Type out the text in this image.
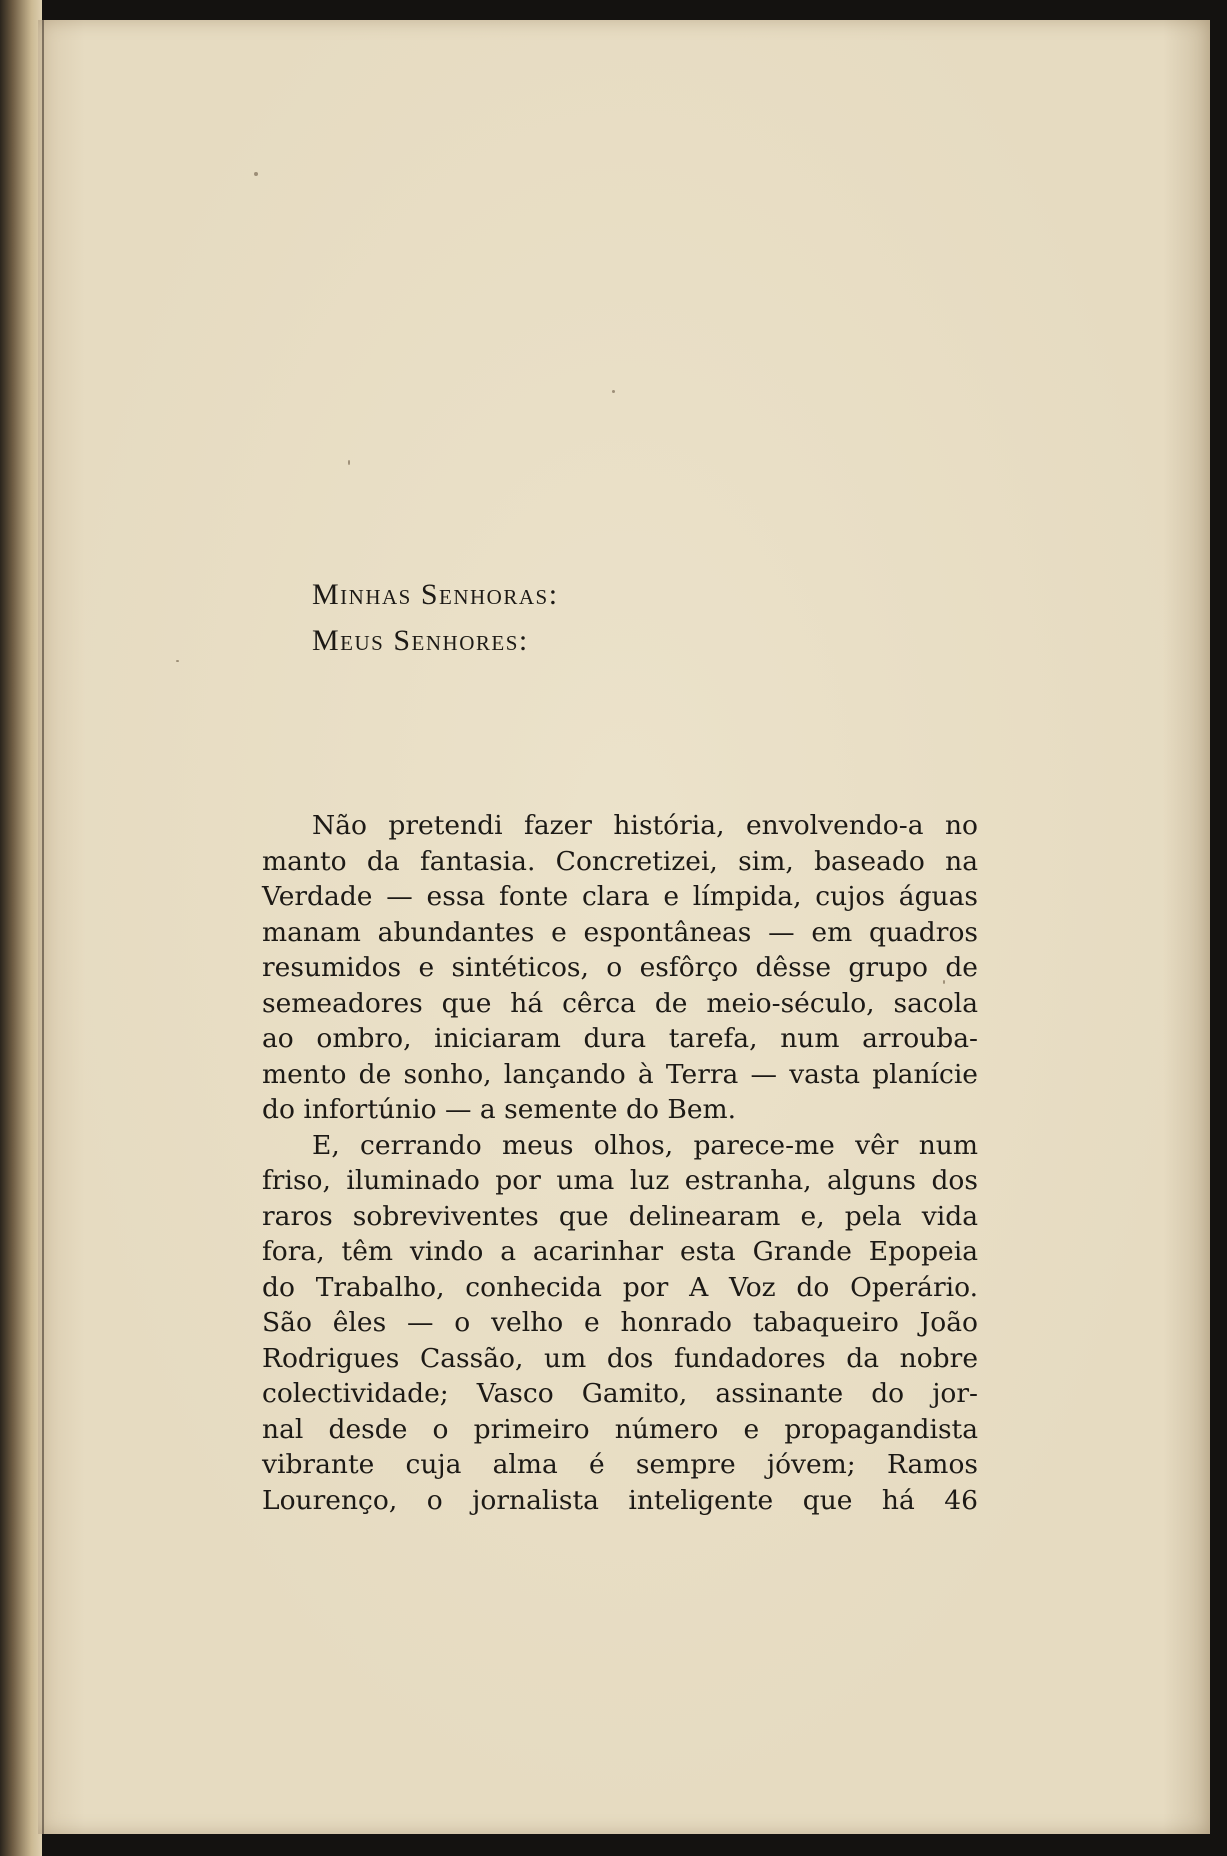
Minhas Senhoras:
Meus Senhores:
Não pretendi fazer história, envolvendo-a no
manto da fantasia. Concretizei, sim, baseado na
Verdade — essa fonte clara e límpida, cujos águas
manam abundantes e espontâneas — em quadros
resumidos e sintéticos, o esfôrço dêsse grupo de
semeadores que há cêrca de meio-século, sacola
ao ombro, iniciaram dura tarefa, num arrouba-
mento de sonho, lançando à Terra — vasta planície
do infortúnio — a semente do Bem.
E, cerrando meus olhos, parece-me vêr num
friso, iluminado por uma luz estranha, alguns dos
raros sobreviventes que delinearam e, pela vida
fora, têm vindo a acarinhar esta Grande Epopeia
do Trabalho, conhecida por A Voz do Operário.
São êles — o velho e honrado tabaqueiro João
Rodrigues Cassão, um dos fundadores da nobre
colectividade; Vasco Gamito, assinante do jor-
nal desde o primeiro número e propagandista
vibrante cuja alma é sempre jóvem; Ramos
Lourenço, o jornalista inteligente que há 46
